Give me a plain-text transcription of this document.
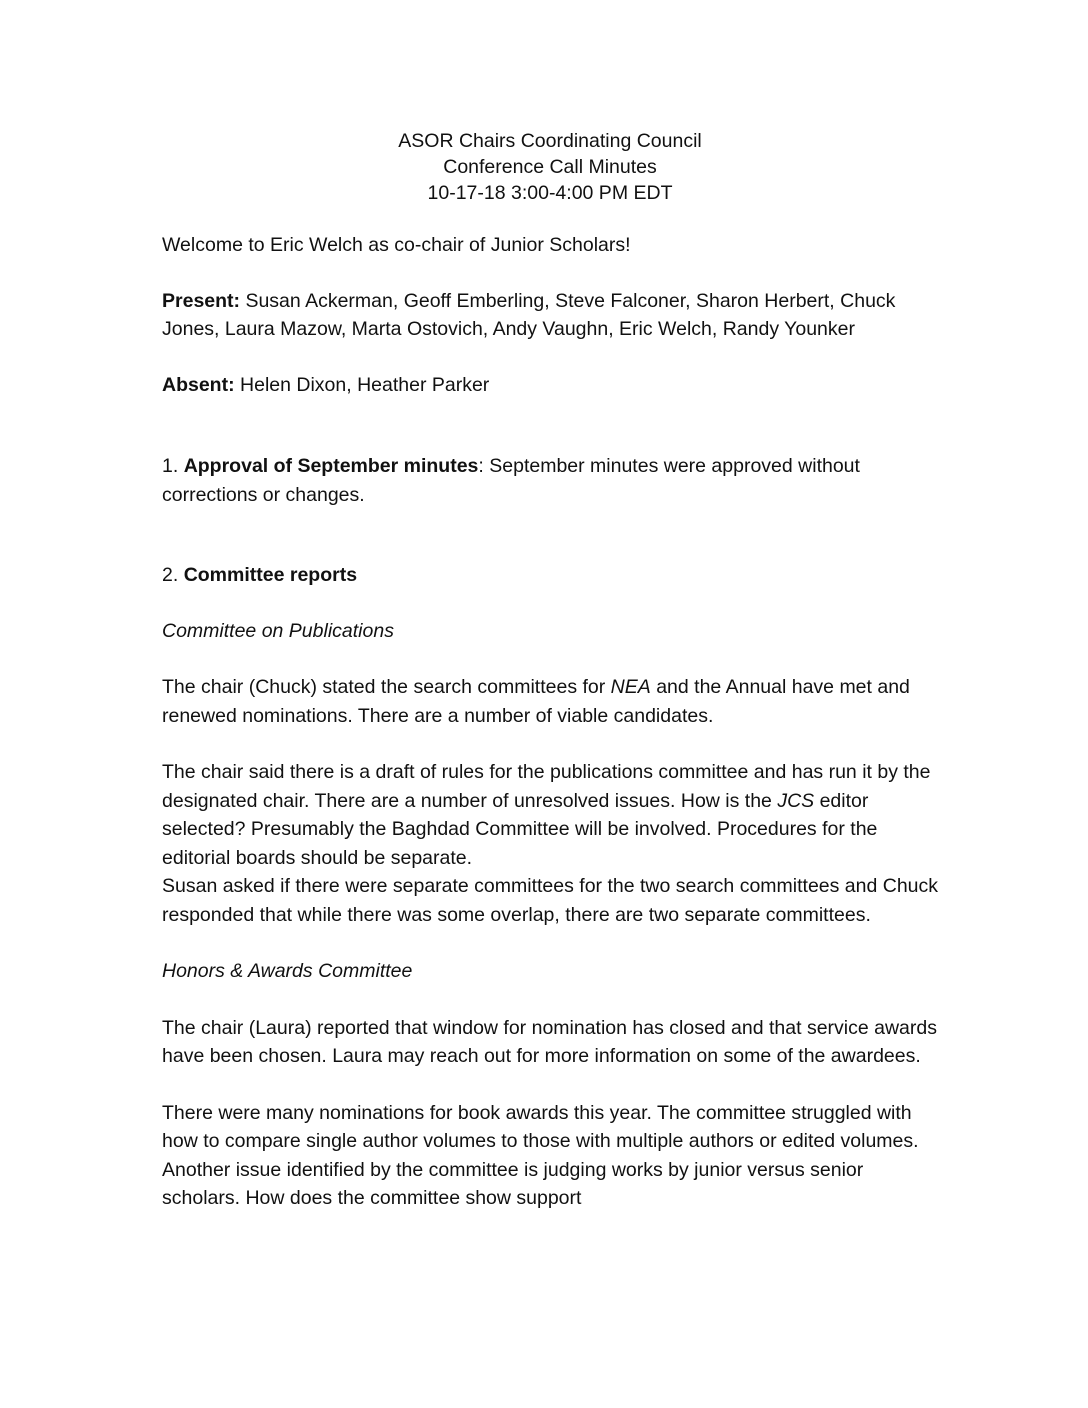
ASOR Chairs Coordinating Council
Conference Call Minutes
10-17-18 3:00-4:00 PM EDT

Welcome to Eric Welch as co-chair of Junior Scholars!

Present: Susan Ackerman, Geoff Emberling, Steve Falconer, Sharon Herbert, Chuck Jones, Laura Mazow, Marta Ostovich, Andy Vaughn, Eric Welch, Randy Younker

Absent: Helen Dixon, Heather Parker

1. Approval of September minutes: September minutes were approved without corrections or changes.

2. Committee reports

Committee on Publications

The chair (Chuck) stated the search committees for NEA and the Annual have met and renewed nominations. There are a number of viable candidates.

The chair said there is a draft of rules for the publications committee and has run it by the designated chair. There are a number of unresolved issues. How is the JCS editor selected? Presumably the Baghdad Committee will be involved. Procedures for the editorial boards should be separate.

Susan asked if there were separate committees for the two search committees and Chuck responded that while there was some overlap, there are two separate committees.

Honors & Awards Committee

The chair (Laura) reported that window for nomination has closed and that service awards have been chosen. Laura may reach out for more information on some of the awardees.

There were many nominations for book awards this year. The committee struggled with how to compare single author volumes to those with multiple authors or edited volumes. Another issue identified by the committee is judging works by junior versus senior scholars. How does the committee show support
